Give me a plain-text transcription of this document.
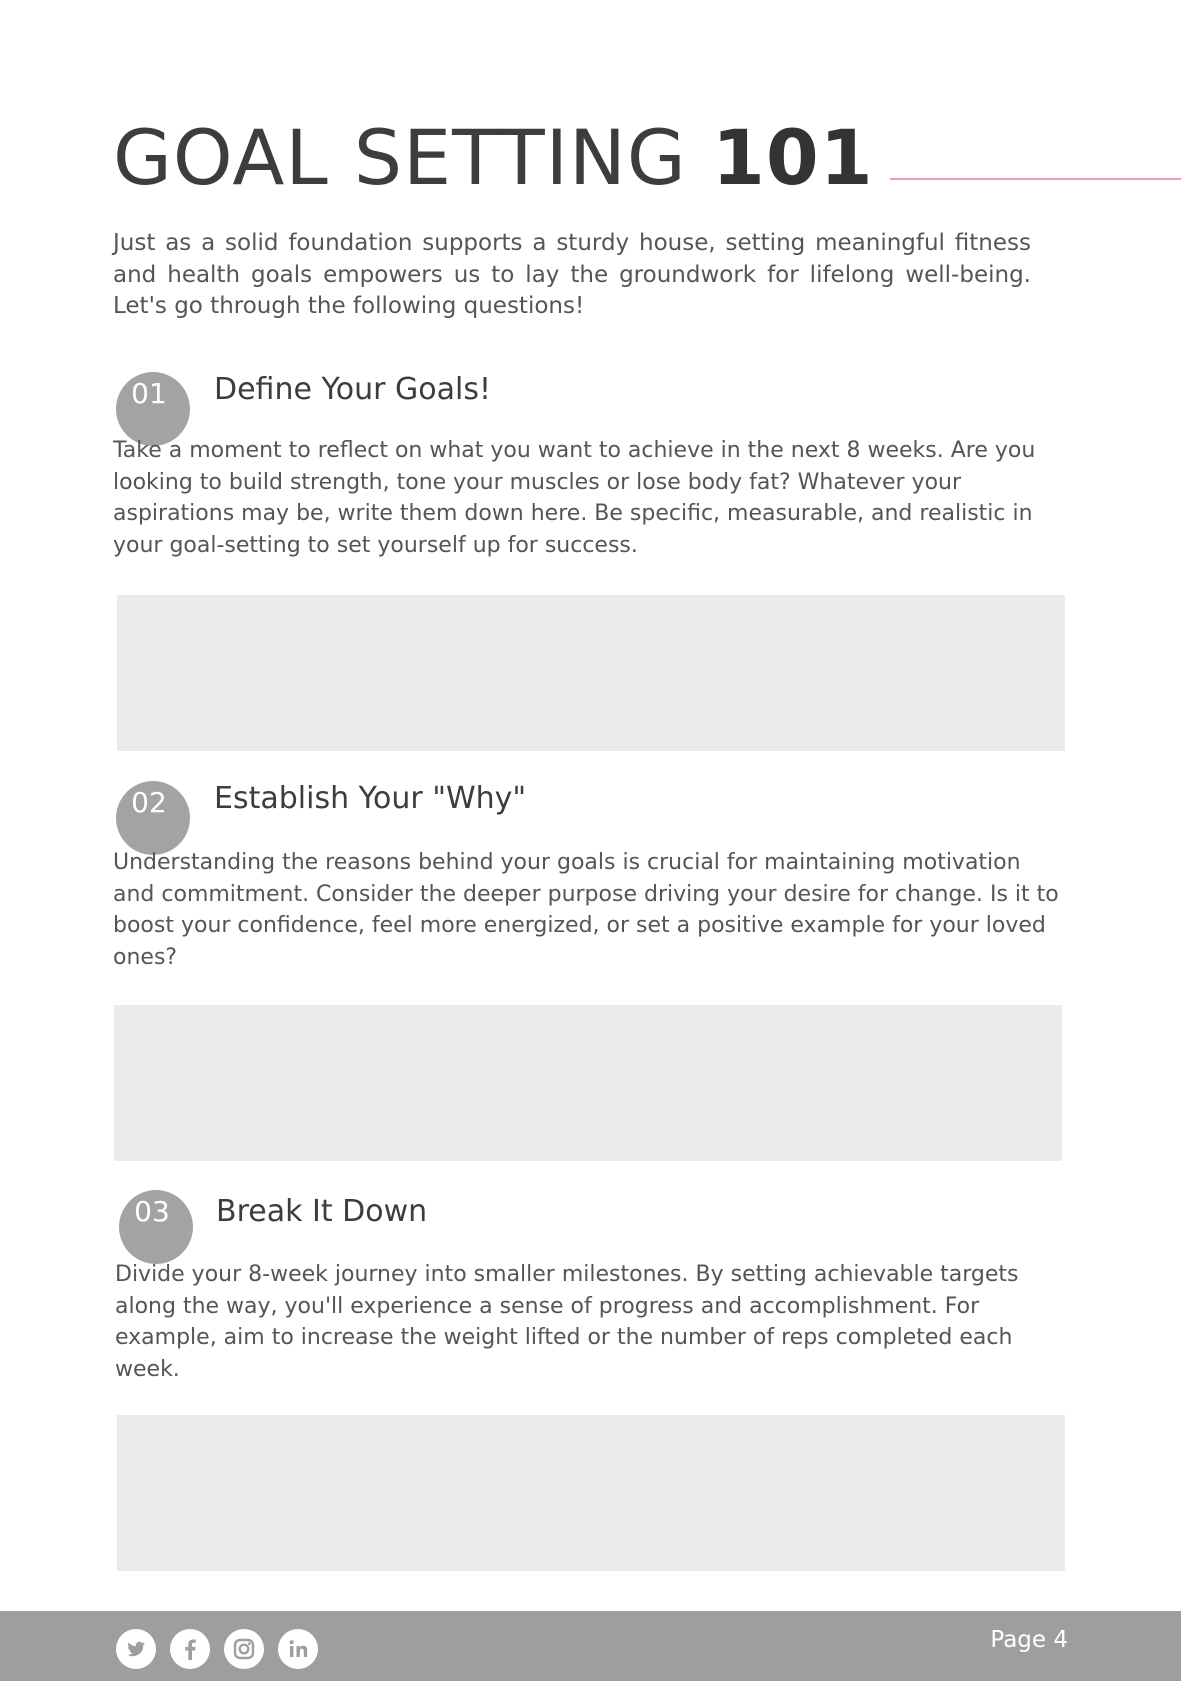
GOAL SETTING 101

Just as a solid foundation supports a sturdy house, setting meaningful fitness and health goals empowers us to lay the groundwork for lifelong well-being. Let's go through the following questions!

01	Define Your Goals!

Take a moment to reflect on what you want to achieve in the next 8 weeks. Are you looking to build strength, tone your muscles or lose body fat? Whatever your aspirations may be, write them down here. Be specific, measurable, and realistic in your goal-setting to set yourself up for success.

02	Establish Your "Why"

Understanding the reasons behind your goals is crucial for maintaining motivation and commitment. Consider the deeper purpose driving your desire for change. Is it to boost your confidence, feel more energized, or set a positive example for your loved ones?

03	Break It Down

Divide your 8-week journey into smaller milestones. By setting achievable targets along the way, you'll experience a sense of progress and accomplishment. For example, aim to increase the weight lifted or the number of reps completed each week.

Page 4
